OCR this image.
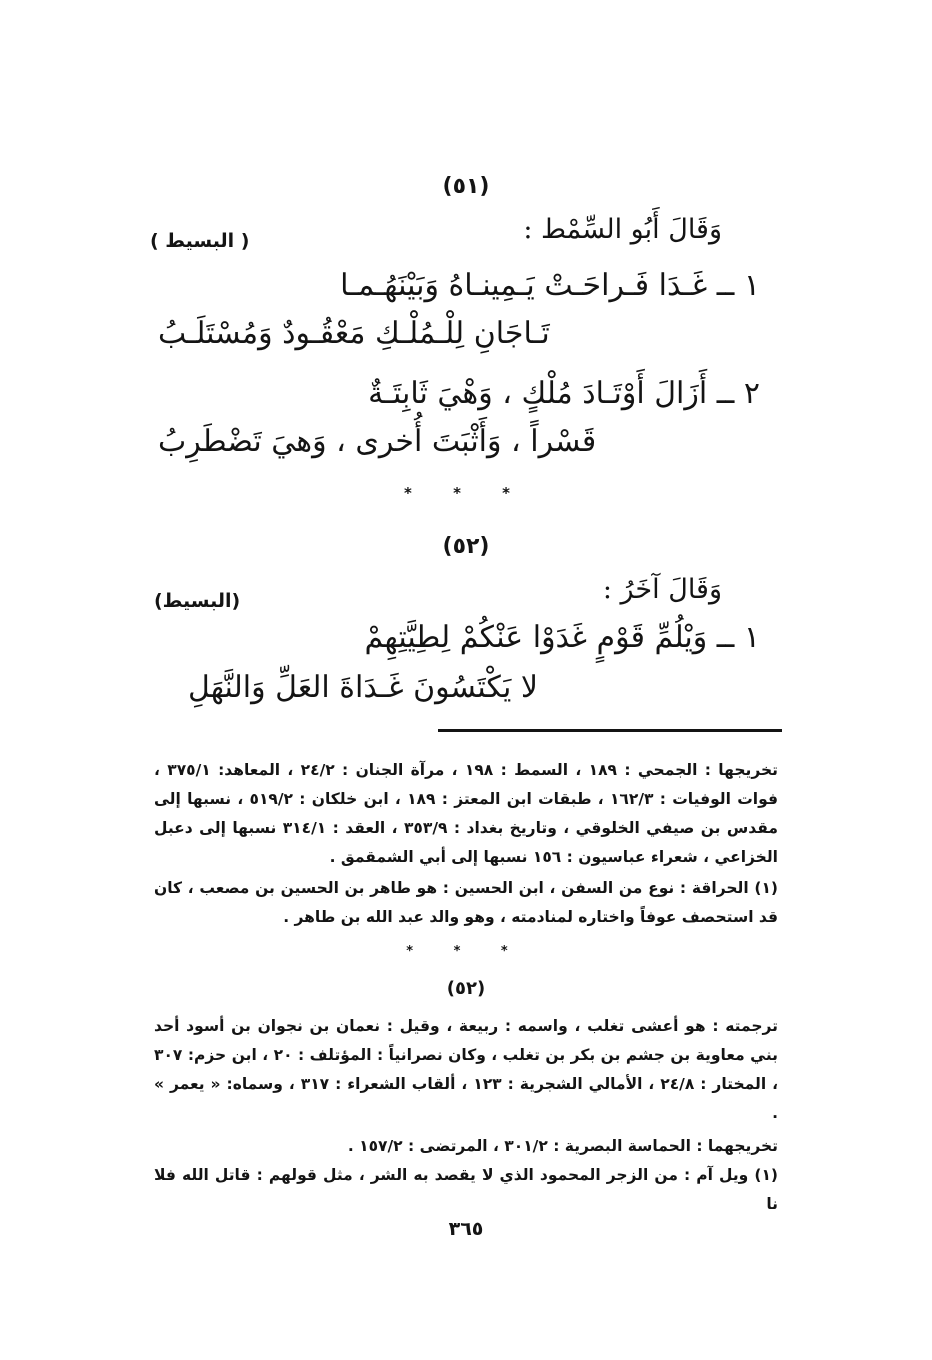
(٥١)
وَقَالَ أَبُو السِّمْط :
( البسيط )
١ ــ غَـدَا فَـراحَـتْ يَـمِينـاهُ وَبَيْنَهُـمـا
تَـاجَانِ لِلْـمُلْـكِ مَعْقُـودٌ وَمُسْتَلَـبُ
٢ ــ أَزَالَ أَوْتَـادَ مُلْكٍ ، وَهْيَ ثَابِتَـةٌ
قَسْراً ، وَأَثْبَتَ أُخرى ، وَهيَ تَضْطَرِبُ
* * *
(٥٢)
وَقَالَ آخَرُ :
(البسيط)
١ ــ وَيْلُمِّ قَوْمٍ غَدَوْا عَنْكُمْ لِطِيَّتِهِمْ
لا يَكْتَسُونَ غَـدَاةَ العَلِّ وَالنَّهَلِ

تخريجها : الجمحي : ١٨٩ ، السمط : ١٩٨ ، مرآة الجنان : ٢٤/٢ ، المعاهد: ٣٧٥/١ ، فوات الوفيات : ١٦٢/٣ ، طبقات ابن المعتز : ١٨٩ ، ابن خلكان : ٥١٩/٢ ، نسبها إلى مقدس بن صيفي الخلوقي ، وتاريخ بغداد : ٣٥٣/٩ ، العقد : ٣١٤/١ نسبها إلى دعبل الخزاعي ، شعراء عباسيون : ١٥٦ نسبها إلى أبي الشمقمق .

(١) الحراقة : نوع من السفن ، ابن الحسين : هو طاهر بن الحسين بن مصعب ، كان قد استحصف عوفاً واختاره لمنادمته ، وهو والد عبد الله بن طاهر .

* * *
(٥٢)

ترجمته : هو أعشى تغلب ، واسمه : ربيعة ، وقيل : نعمان بن نجوان بن أسود أحد بني معاوية بن جشم بن بكر بن تغلب ، وكان نصرانياً : المؤتلف : ٢٠ ، ابن حزم: ٣٠٧ ، المختار : ٢٤/٨ ، الأمالي الشجرية : ١٢٣ ، ألقاب الشعراء : ٣١٧ ، وسماه: « يعمر » .

تخريجهما : الحماسة البصرية : ٣٠١/٢ ، المرتضى : ١٥٧/٢ .

(١) ويل آم : من الزجر المحمود الذي لا يقصد به الشر ، مثل قولهم : قاتل الله فلا نا

٣٦٥
